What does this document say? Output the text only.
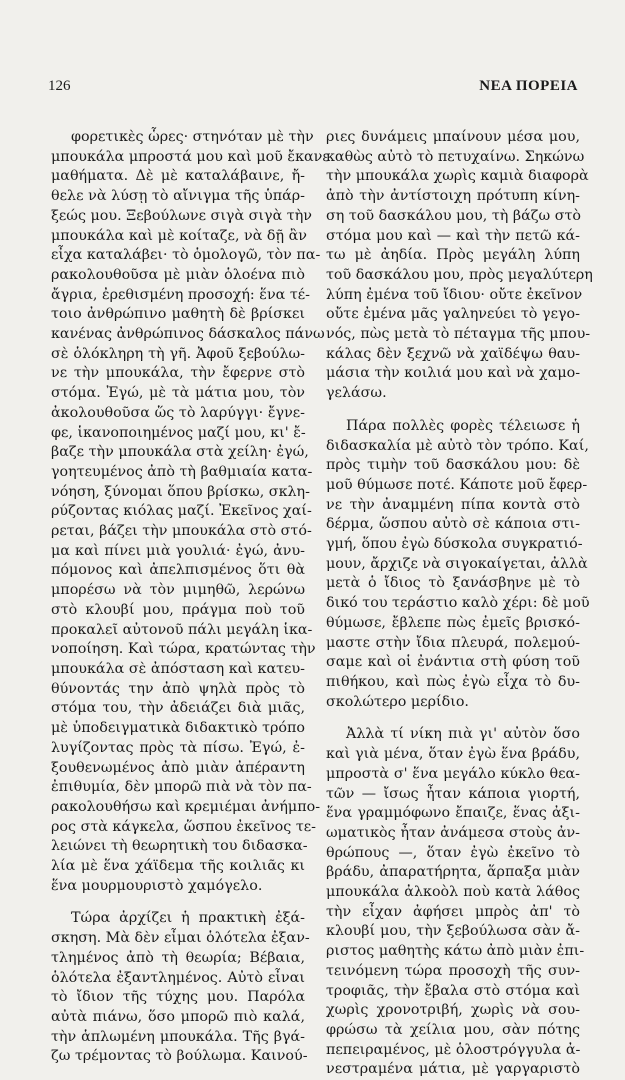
126	ΝΕΑ ΠΟΡΕΙΑ

φορετικὲς ὧρες· στηνόταν μὲ τὴν
μπουκάλα μπροστά μου καὶ μοῦ ἔκανε
μαθήματα. Δὲ μὲ καταλάβαινε, ἤ-
θελε νὰ λύσῃ τὸ αἴνιγμα τῆς ὑπάρ-
ξεώς μου. Ξεβούλωνε σιγὰ σιγὰ τὴν
μπουκάλα καὶ μὲ κοίταζε, νὰ δῇ ἂν
εἶχα καταλάβει· τὸ ὁμολογῶ, τὸν πα-
ρακολουθοῦσα μὲ μιὰν ὁλοένα πιὸ
ἄγρια, ἐρεθισμένη προσοχή: ἕνα τέ-
τοιο ἀνθρώπινο μαθητὴ δὲ βρίσκει
κανένας ἀνθρώπινος δάσκαλος πάνω
σὲ ὁλόκληρη τὴ γῆ. Ἀφοῦ ξεβούλω-
νε τὴν μπουκάλα, τὴν ἔφερνε στὸ
στόμα. Ἐγώ, μὲ τὰ μάτια μου, τὸν
ἀκολουθοῦσα ὥς τὸ λαρύγγι· ἔγνε-
φε, ἱκανοποιημένος μαζί μου, κι' ἔ-
βαζε τὴν μπουκάλα στὰ χείλη· ἐγώ,
γοητευμένος ἀπὸ τὴ βαθμιαία κατα-
νόηση, ξύνομαι ὅπου βρίσκω, σκλη-
ρύζοντας κιόλας μαζί. Ἐκεῖνος χαί-
ρεται, βάζει τὴν μπουκάλα στὸ στό-
μα καὶ πίνει μιὰ γουλιά· ἐγώ, ἀνυ-
πόμονος καὶ ἀπελπισμένος ὅτι θὰ
μπορέσω νὰ τὸν μιμηθῶ, λερώνω
στὸ κλουβί μου, πράγμα ποὺ τοῦ
προκαλεῖ αὐτονοῦ πάλι μεγάλη ἱκα-
νοποίηση. Καὶ τώρα, κρατώντας τὴν
μπουκάλα σὲ ἀπόσταση καὶ κατευ-
θύνοντάς την ἀπὸ ψηλὰ πρὸς τὸ
στόμα του, τὴν ἀδειάζει διὰ μιᾶς,
μὲ ὑποδειγματικὰ διδακτικὸ τρόπο
λυγίζοντας πρὸς τὰ πίσω. Ἐγώ, ἐ-
ξουθενωμένος ἀπὸ μιὰν ἀπέραντη
ἐπιθυμία, δὲν μπορῶ πιὰ νὰ τὸν πα-
ρακολουθήσω καὶ κρεμιέμαι ἀνήμπο-
ρος στὰ κάγκελα, ὥσπου ἐκεῖνος τε-
λειώνει τὴ θεωρητικὴ του διδασκα-
λία μὲ ἕνα χάϊδεμα τῆς κοιλιᾶς κι
ἕνα μουρμουριστὸ χαμόγελο.

Τώρα ἀρχίζει ἡ πρακτικὴ ἐξά-
σκηση. Μὰ δὲν εἶμαι ὁλότελα ἐξαν-
τλημένος ἀπὸ τὴ θεωρία; Βέβαια,
ὁλότελα ἐξαντλημένος. Αὐτὸ εἶναι
τὸ ἴδιον τῆς τύχης μου. Παρόλα
αὐτὰ πιάνω, ὅσο μπορῶ πιὸ καλά,
τὴν ἁπλωμένη μπουκάλα. Τῆς βγά-
ζω τρέμοντας τὸ βούλωμα. Καινού-

ριες δυνάμεις μπαίνουν μέσα μου,
καθὼς αὐτὸ τὸ πετυχαίνω. Σηκώνω
τὴν μπουκάλα χωρὶς καμιὰ διαφορὰ
ἀπὸ τὴν ἀντίστοιχη πρότυπη κίνη-
ση τοῦ δασκάλου μου, τὴ βάζω στὸ
στόμα μου καὶ — καὶ τὴν πετῶ κά-
τω μὲ ἀηδία. Πρὸς μεγάλη λύπη
τοῦ δασκάλου μου, πρὸς μεγαλύτερη
λύπη ἐμένα τοῦ ἴδιου· οὔτε ἐκεῖνον
οὔτε ἐμένα μᾶς γαληνεύει τὸ γεγο-
νός, πὼς μετὰ τὸ πέταγμα τῆς μπου-
κάλας δὲν ξεχνῶ νὰ χαϊδέψω θαυ-
μάσια τὴν κοιλιά μου καὶ νὰ χαμο-
γελάσω.

Πάρα πολλὲς φορὲς τέλειωσε ἡ
διδασκαλία μὲ αὐτὸ τὸν τρόπο. Καί,
πρὸς τιμὴν τοῦ δασκάλου μου: δὲ
μοῦ θύμωσε ποτέ. Κάποτε μοῦ ἔφερ-
νε τὴν ἀναμμένη πίπα κοντὰ στὸ
δέρμα, ὥσπου αὐτὸ σὲ κάποια στι-
γμή, ὅπου ἐγὼ δύσκολα συγκρατιό-
μουν, ἄρχιζε νὰ σιγοκαίγεται, ἀλλὰ
μετὰ ὁ ἴδιος τὸ ξανάσβηνε μὲ τὸ
δικό του τεράστιο καλὸ χέρι: δὲ μοῦ
θύμωσε, ἔβλεπε πὼς ἐμεῖς βρισκό-
μαστε στὴν ἴδια πλευρά, πολεμού-
σαμε καὶ οἱ ἐνάντια στὴ φύση τοῦ
πιθήκου, καὶ πὼς ἐγὼ εἶχα τὸ δυ-
σκολώτερο μερίδιο.

Ἀλλὰ τί νίκη πιὰ γι' αὐτὸν ὅσο
καὶ γιὰ μένα, ὅταν ἐγὼ ἕνα βράδυ,
μπροστὰ σ' ἕνα μεγάλο κύκλο θεα-
τῶν — ἴσως ἦταν κάποια γιορτή,
ἕνα γραμμόφωνο ἔπαιζε, ἕνας ἀξι-
ωματικὸς ἦταν ἀνάμεσα στοὺς ἀν-
θρώπους —, ὅταν ἐγὼ ἐκεῖνο τὸ
βράδυ, ἀπαρατήρητα, ἅρπαξα μιὰν
μπουκάλα ἀλκοὸλ ποὺ κατὰ λάθος
τὴν εἶχαν ἀφήσει μπρὸς ἀπ' τὸ
κλουβί μου, τὴν ξεβούλωσα σὰν ἄ-
ριστος μαθητὴς κάτω ἀπὸ μιὰν ἐπι-
τεινόμενη τώρα προσοχὴ τῆς συν-
τροφιᾶς, τὴν ἔβαλα στὸ στόμα καὶ
χωρὶς χρονοτριβή, χωρὶς νὰ σου-
φρώσω τὰ χείλια μου, σὰν πότης
πεπειραμένος, μὲ ὁλοστρόγγυλα ἀ-
νεστραμένα μάτια, μὲ γαργαριστὸ
